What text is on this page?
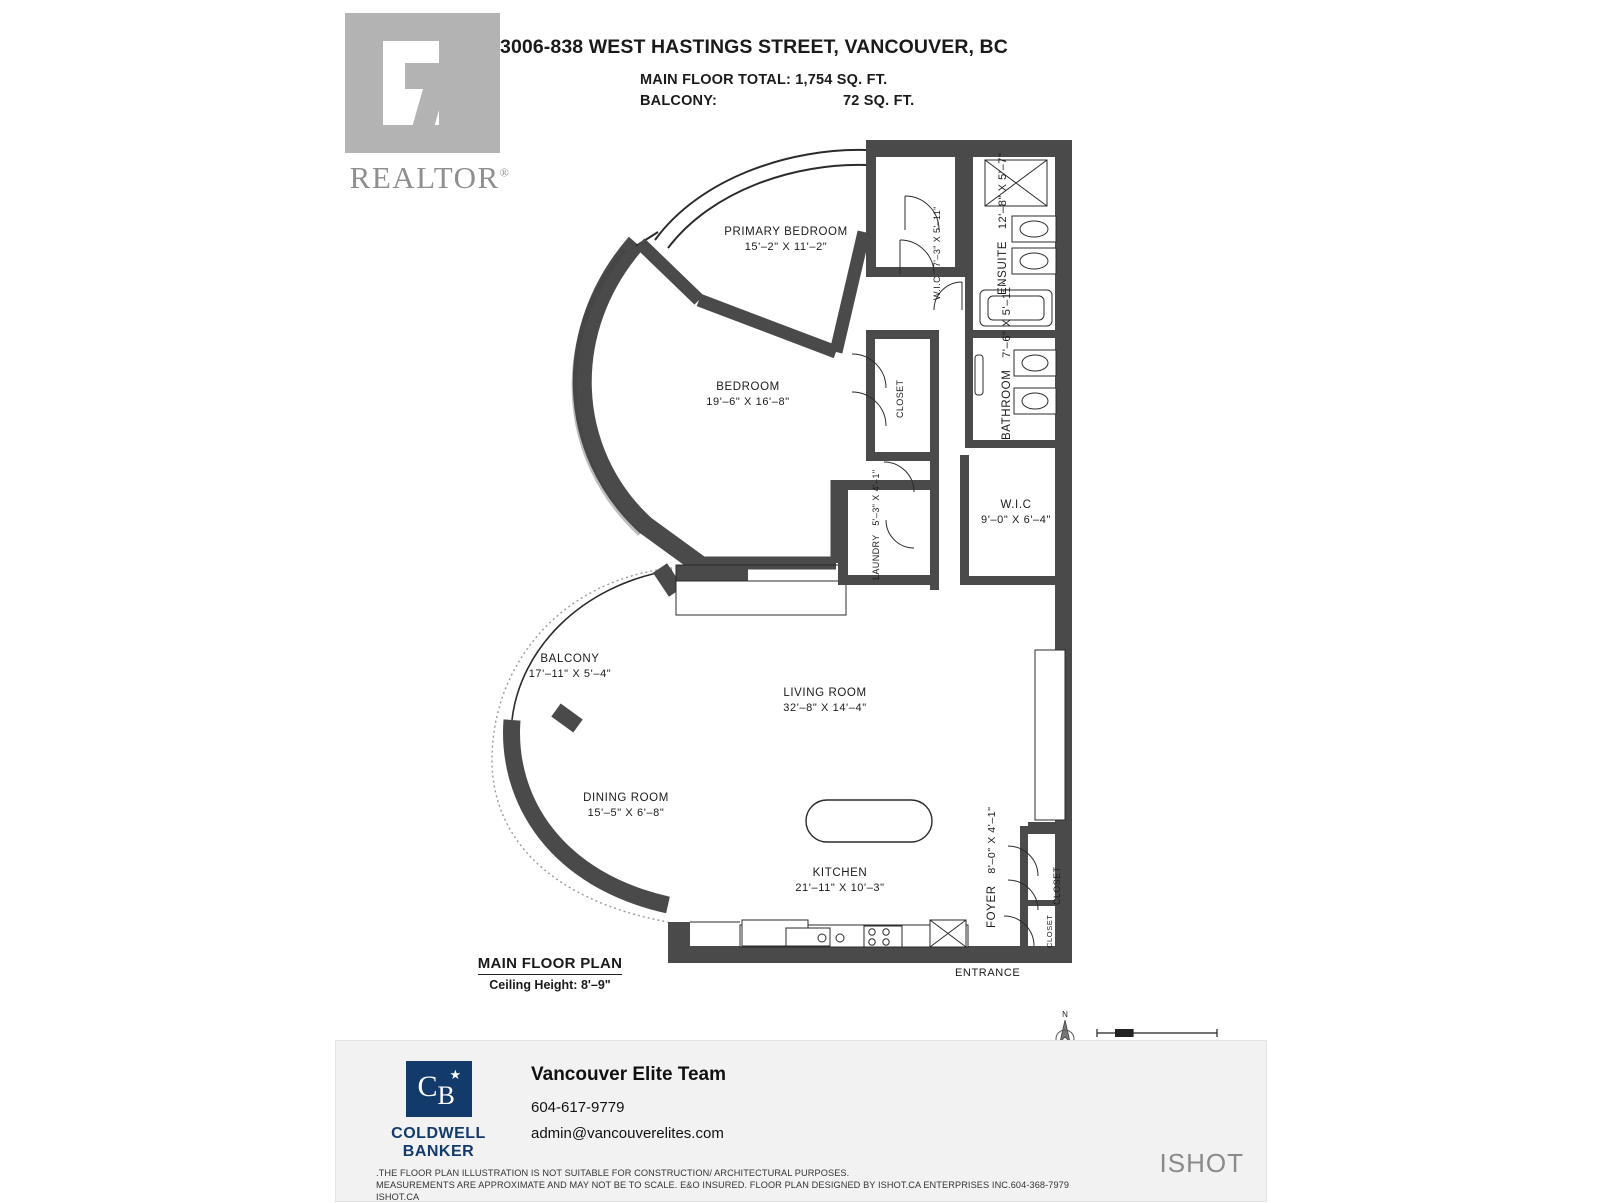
REALTOR®
3006-838 WEST HASTINGS STREET, VANCOUVER, BC
MAIN FLOOR TOTAL: 1,754 SQ. FT.
BALCONY:	72 SQ. FT.
PRIMARY BEDROOM
15'–2" X 11'–2"
W.I.C 7'–3" X 5'–11"
ENSUITE 12'–8" X 5'–7"
BEDROOM
19'–6" X 16'–8"	CLOSET	BATHROOM 7'–6" X 5'–11"
W.I.C
9'–0" X 6'–4"
LAUNDRY 5'–3" X 4'–1"
BALCONY
17'–11" X 5'–4"
LIVING ROOM
32'–8" X 14'–4"
DINING ROOM
15'–5" X 6'–8"
KITCHEN
21'–11" X 10'–3"	FOYER 8'–0" X 4'–1"
CLOSET
CLOSET
ENTRANCE
MAIN FLOOR PLAN
Ceiling Height: 8'–9"
N
C B
★
COLDWELL
BANKER
Vancouver Elite Team
604-617-9779
admin@vancouverelites.com
.THE FLOOR PLAN ILLUSTRATION IS NOT SUITABLE FOR CONSTRUCTION/ ARCHITECTURAL PURPOSES.
MEASUREMENTS ARE APPROXIMATE AND MAY NOT BE TO SCALE. E&O INSURED. FLOOR PLAN DESIGNED BY ISHOT.CA ENTERPRISES INC.604-368-7979 ISHOT.CA
ISHOT
